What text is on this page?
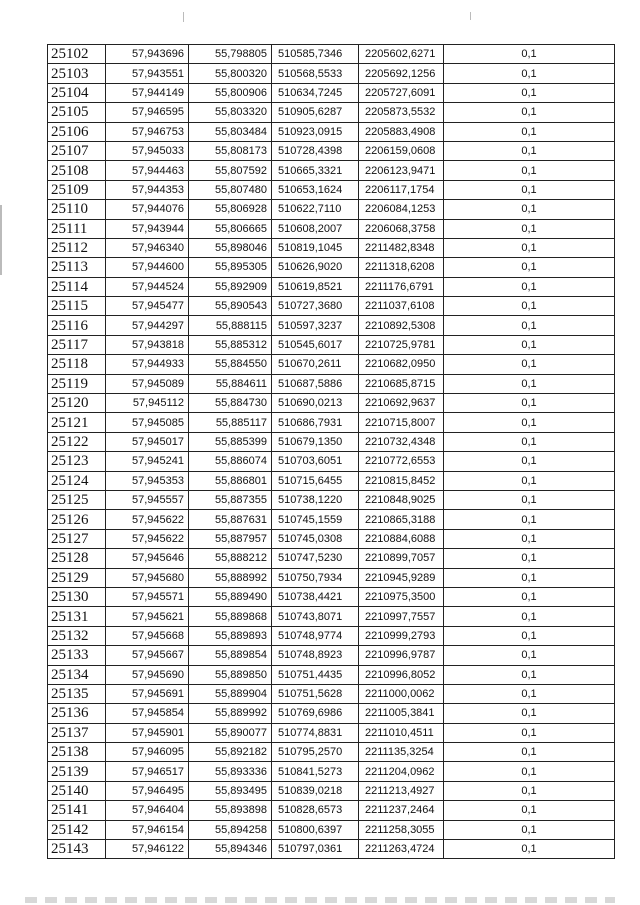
25102	57,943696	55,798805	510585,7346	2205602,6271	0,1
25103	57,943551	55,800320	510568,5533	2205692,1256	0,1
25104	57,944149	55,800906	510634,7245	2205727,6091	0,1
25105	57,946595	55,803320	510905,6287	2205873,5532	0,1
25106	57,946753	55,803484	510923,0915	2205883,4908	0,1
25107	57,945033	55,808173	510728,4398	2206159,0608	0,1
25108	57,944463	55,807592	510665,3321	2206123,9471	0,1
25109	57,944353	55,807480	510653,1624	2206117,1754	0,1
25110	57,944076	55,806928	510622,7110	2206084,1253	0,1
25111	57,943944	55,806665	510608,2007	2206068,3758	0,1
25112	57,946340	55,898046	510819,1045	2211482,8348	0,1
25113	57,944600	55,895305	510626,9020	2211318,6208	0,1
25114	57,944524	55,892909	510619,8521	2211176,6791	0,1
25115	57,945477	55,890543	510727,3680	2211037,6108	0,1
25116	57,944297	55,888115	510597,3237	2210892,5308	0,1
25117	57,943818	55,885312	510545,6017	2210725,9781	0,1
25118	57,944933	55,884550	510670,2611	2210682,0950	0,1
25119	57,945089	55,884611	510687,5886	2210685,8715	0,1
25120	57,945112	55,884730	510690,0213	2210692,9637	0,1
25121	57,945085	55,885117	510686,7931	2210715,8007	0,1
25122	57,945017	55,885399	510679,1350	2210732,4348	0,1
25123	57,945241	55,886074	510703,6051	2210772,6553	0,1
25124	57,945353	55,886801	510715,6455	2210815,8452	0,1
25125	57,945557	55,887355	510738,1220	2210848,9025	0,1
25126	57,945622	55,887631	510745,1559	2210865,3188	0,1
25127	57,945622	55,887957	510745,0308	2210884,6088	0,1
25128	57,945646	55,888212	510747,5230	2210899,7057	0,1
25129	57,945680	55,888992	510750,7934	2210945,9289	0,1
25130	57,945571	55,889490	510738,4421	2210975,3500	0,1
25131	57,945621	55,889868	510743,8071	2210997,7557	0,1
25132	57,945668	55,889893	510748,9774	2210999,2793	0,1
25133	57,945667	55,889854	510748,8923	2210996,9787	0,1
25134	57,945690	55,889850	510751,4435	2210996,8052	0,1
25135	57,945691	55,889904	510751,5628	2211000,0062	0,1
25136	57,945854	55,889992	510769,6986	2211005,3841	0,1
25137	57,945901	55,890077	510774,8831	2211010,4511	0,1
25138	57,946095	55,892182	510795,2570	2211135,3254	0,1
25139	57,946517	55,893336	510841,5273	2211204,0962	0,1
25140	57,946495	55,893495	510839,0218	2211213,4927	0,1
25141	57,946404	55,893898	510828,6573	2211237,2464	0,1
25142	57,946154	55,894258	510800,6397	2211258,3055	0,1
25143	57,946122	55,894346	510797,0361	2211263,4724	0,1
